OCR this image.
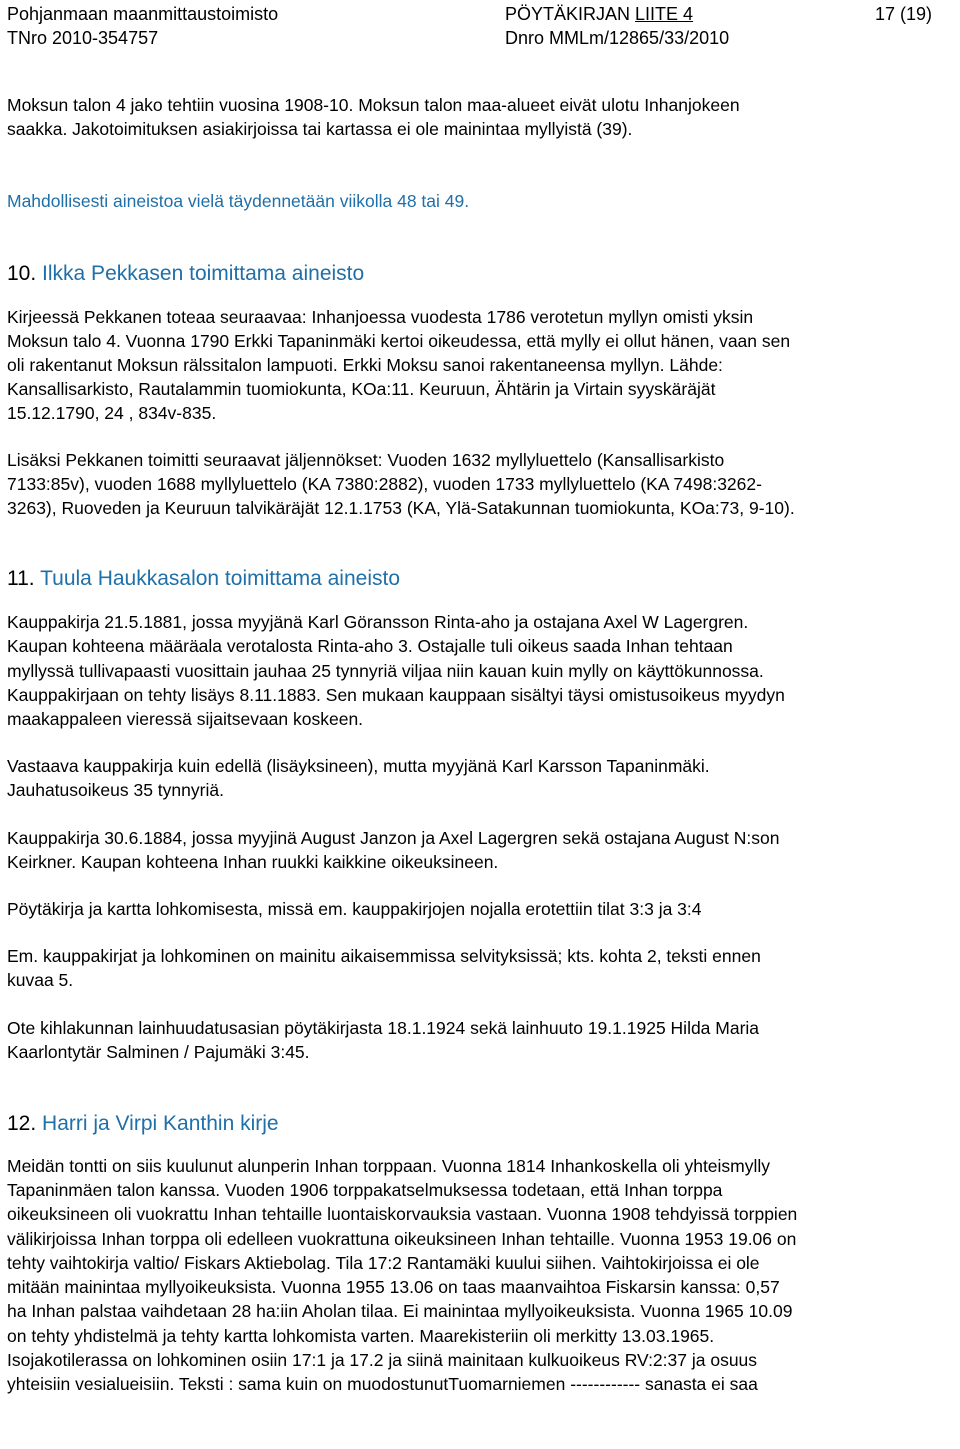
Pohjanmaan maanmittaustoimisto	PÖYTÄKIRJAN LIITE 4	17 (19)
TNro 2010-354757	Dnro MMLm/12865/33/2010

Moksun talon 4 jako tehtiin vuosina 1908-10. Moksun talon maa-alueet eivät ulotu Inhanjokeen
saakka. Jakotoimituksen asiakirjoissa tai kartassa ei ole mainintaa myllyistä (39).

Mahdollisesti aineistoa vielä täydennetään viikolla 48 tai 49.

10. Ilkka Pekkasen toimittama aineisto

Kirjeessä Pekkanen toteaa seuraavaa: Inhanjoessa vuodesta 1786 verotetun myllyn omisti yksin
Moksun talo 4. Vuonna 1790 Erkki Tapaninmäki kertoi oikeudessa, että mylly ei ollut hänen, vaan sen
oli rakentanut Moksun rälssitalon lampuoti. Erkki Moksu sanoi rakentaneensa myllyn. Lähde:
Kansallisarkisto, Rautalammin tuomiokunta, KOa:11. Keuruun, Ähtärin ja Virtain syyskäräjät
15.12.1790, 24 , 834v-835.

Lisäksi Pekkanen toimitti seuraavat jäljennökset: Vuoden 1632 myllyluettelo (Kansallisarkisto
7133:85v), vuoden 1688 myllyluettelo (KA 7380:2882), vuoden 1733 myllyluettelo (KA 7498:3262-
3263), Ruoveden ja Keuruun talvikäräjät 12.1.1753 (KA, Ylä-Satakunnan tuomiokunta, KOa:73, 9-10).

11. Tuula Haukkasalon toimittama aineisto

Kauppakirja 21.5.1881, jossa myyjänä Karl Göransson Rinta-aho ja ostajana Axel W Lagergren.
Kaupan kohteena määräala verotalosta Rinta-aho 3. Ostajalle tuli oikeus saada Inhan tehtaan
myllyssä tullivapaasti vuosittain jauhaa 25 tynnyriä viljaa niin kauan kuin mylly on käyttökunnossa.
Kauppakirjaan on tehty lisäys 8.11.1883. Sen mukaan kauppaan sisältyi täysi omistusoikeus myydyn
maakappaleen vieressä sijaitsevaan koskeen.

Vastaava kauppakirja kuin edellä (lisäyksineen), mutta myyjänä Karl Karsson Tapaninmäki.
Jauhatusoikeus 35 tynnyriä.

Kauppakirja 30.6.1884, jossa myyjinä August Janzon ja Axel Lagergren sekä ostajana August N:son
Keirkner. Kaupan kohteena Inhan ruukki kaikkine oikeuksineen.

Pöytäkirja ja kartta lohkomisesta, missä em. kauppakirjojen nojalla erotettiin tilat 3:3 ja 3:4

Em. kauppakirjat ja lohkominen on mainitu aikaisemmissa selvityksissä; kts. kohta 2, teksti ennen
kuvaa 5.

Ote kihlakunnan lainhuudatusasian pöytäkirjasta 18.1.1924 sekä lainhuuto 19.1.1925 Hilda Maria
Kaarlontytär Salminen / Pajumäki 3:45.

12. Harri ja Virpi Kanthin kirje

Meidän tontti on siis kuulunut alunperin Inhan torppaan. Vuonna 1814 Inhankoskella oli yhteismylly
Tapaninmäen talon kanssa. Vuoden 1906 torppakatselmuksessa todetaan, että Inhan torppa
oikeuksineen oli vuokrattu Inhan tehtaille luontaiskorvauksia vastaan. Vuonna 1908 tehdyissä torppien
välikirjoissa Inhan torppa oli edelleen vuokrattuna oikeuksineen Inhan tehtaille. Vuonna 1953 19.06 on
tehty vaihtokirja valtio/ Fiskars Aktiebolag. Tila 17:2 Rantamäki kuului siihen. Vaihtokirjoissa ei ole
mitään mainintaa myllyoikeuksista. Vuonna 1955 13.06 on taas maanvaihtoa Fiskarsin kanssa: 0,57
ha Inhan palstaa vaihdetaan 28 ha:iin Aholan tilaa. Ei mainintaa myllyoikeuksista. Vuonna 1965 10.09
on tehty yhdistelmä ja tehty kartta lohkomista varten. Maarekisteriin oli merkitty 13.03.1965.
Isojakotilerassa on lohkominen osiin 17:1 ja 17.2 ja siinä mainitaan kulkuoikeus RV:2:37 ja osuus
yhteisiin vesialueisiin. Teksti : sama kuin on muodostunutTuomarniemen ------------ sanasta ei saa
